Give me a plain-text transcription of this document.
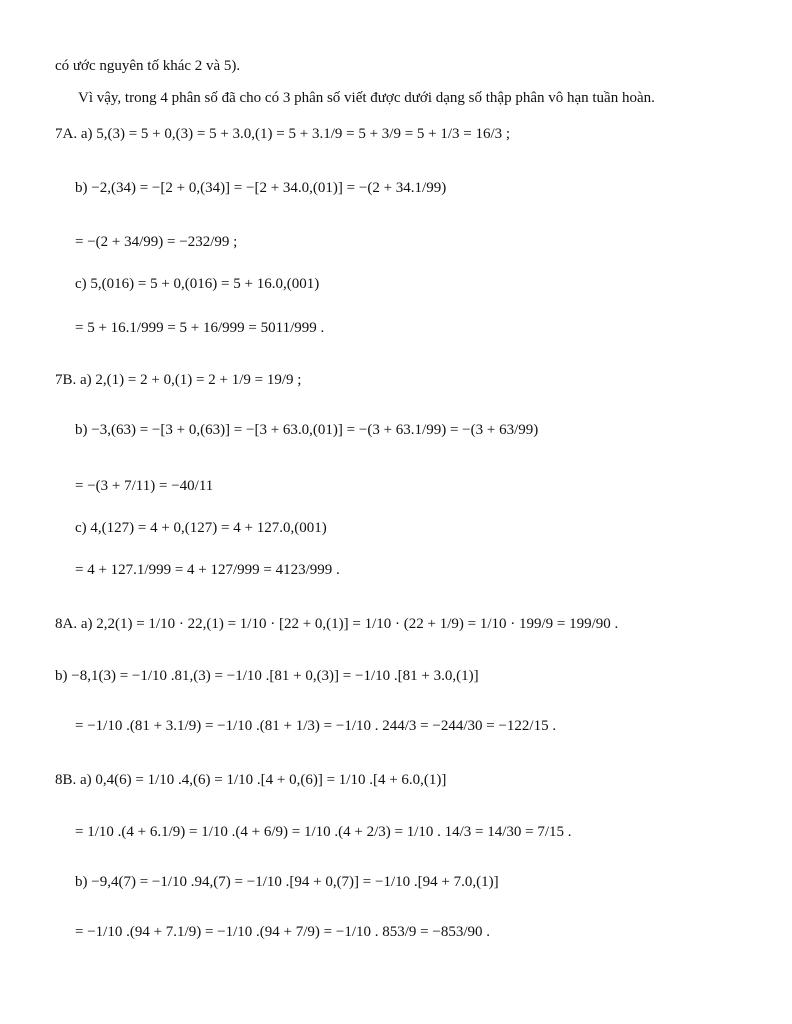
có ước nguyên tố khác 2 và 5).
Vì vậy, trong 4 phân số đã cho có 3 phân số viết được dưới dạng số thập phân vô hạn tuần hoàn.
7A. a) 5,(3) = 5 + 0,(3) = 5 + 3.0,(1) = 5 + 3.1/9 = 5 + 3/9 = 5 + 1/3 = 16/3 ;
b) −2,(34) = −[2 + 0,(34)] = −[2 + 34.0,(01)] = −(2 + 34.1/99)
= −(2 + 34/99) = −232/99 ;
c) 5,(016) = 5 + 0,(016) = 5 + 16.0,(001)
= 5 + 16.1/999 = 5 + 16/999 = 5011/999 .
7B. a) 2,(1) = 2 + 0,(1) = 2 + 1/9 = 19/9 ;
b) −3,(63) = −[3 + 0,(63)] = −[3 + 63.0,(01)] = −(3 + 63.1/99) = −(3 + 63/99)
= −(3 + 7/11) = −40/11
c) 4,(127) = 4 + 0,(127) = 4 + 127.0,(001)
= 4 + 127.1/999 = 4 + 127/999 = 4123/999 .
8A. a) 2,2(1) = 1/10 · 22,(1) = 1/10 · [22 + 0,(1)] = 1/10 · (22 + 1/9) = 1/10 · 199/9 = 199/90 .
b) −8,1(3) = −1/10 .81,(3) = −1/10 .[81 + 0,(3)] = −1/10 .[81 + 3.0,(1)]
= −1/10 .(81 + 3.1/9) = −1/10 .(81 + 1/3) = −1/10 . 244/3 = −244/30 = −122/15 .
8B. a) 0,4(6) = 1/10 .4,(6) = 1/10 .[4 + 0,(6)] = 1/10 .[4 + 6.0,(1)]
= 1/10 .(4 + 6.1/9) = 1/10 .(4 + 6/9) = 1/10 .(4 + 2/3) = 1/10 . 14/3 = 14/30 = 7/15 .
b) −9,4(7) = −1/10 .94,(7) = −1/10 .[94 + 0,(7)] = −1/10 .[94 + 7.0,(1)]
= −1/10 .(94 + 7.1/9) = −1/10 .(94 + 7/9) = −1/10 . 853/9 = −853/90 .
